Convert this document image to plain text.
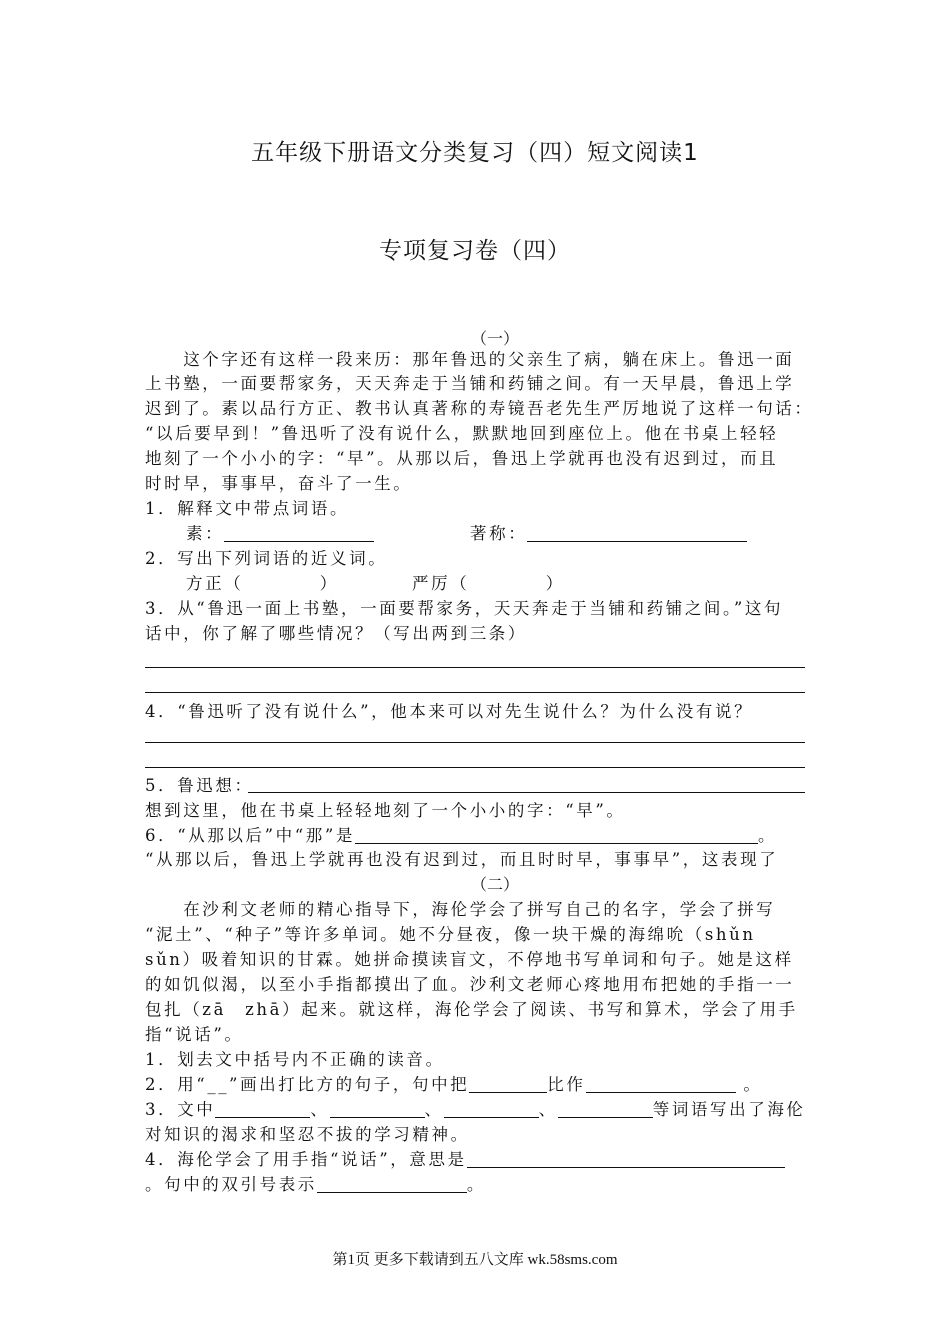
五年级下册语文分类复习（四）短文阅读1
专项复习卷（四）
（一）
　　这个字还有这样一段来历：那年鲁迅的父亲生了病，躺在床上。鲁迅一面
上书塾，一面要帮家务，天天奔走于当铺和药铺之间。有一天早晨，鲁迅上学
迟到了。素以品行方正、教书认真著称的寿镜吾老先生严厉地说了这样一句话：
“以后要早到！”鲁迅听了没有说什么，默默地回到座位上。他在书桌上轻轻
地刻了一个小小的字：“早”。从那以后，鲁迅上学就再也没有迟到过，而且
时时早，事事早，奋斗了一生。
1．解释文中带点词语。
素：	著称：
2．写出下列词语的近义词。
方正（　　　　）	严厉（　　　　）
3．从“鲁迅一面上书塾，一面要帮家务，天天奔走于当铺和药铺之间。”这句
话中，你了解了哪些情况？（写出两到三条）
4．“鲁迅听了没有说什么”，他本来可以对先生说什么？为什么没有说？
5．鲁迅想：
想到这里，他在书桌上轻轻地刻了一个小小的字：“早”。
6．“从那以后”中“那”是	。
“从那以后，鲁迅上学就再也没有迟到过，而且时时早，事事早”，这表现了
（二）
　　在沙利文老师的精心指导下，海伦学会了拼写自己的名字，学会了拼写
“泥土”、“种子”等许多单词。她不分昼夜，像一块干燥的海绵吮（shǔn
sǔn）吸着知识的甘霖。她拼命摸读盲文，不停地书写单词和句子。她是这样
的如饥似渴，以至小手指都摸出了血。沙利文老师心疼地用布把她的手指一一
包扎（zā　zhā）起来。就这样，海伦学会了阅读、书写和算术，学会了用手
指“说话”。
1．划去文中括号内不正确的读音。
2．用“__”画出打比方的句子，句中把	比作	。
3．文中	、	、	、	等词语写出了海伦
对知识的渴求和坚忍不拔的学习精神。
4．海伦学会了用手指“说话”，意思是
。句中的双引号表示	。
第1页 更多下载请到五八文库 wk.58sms.com
